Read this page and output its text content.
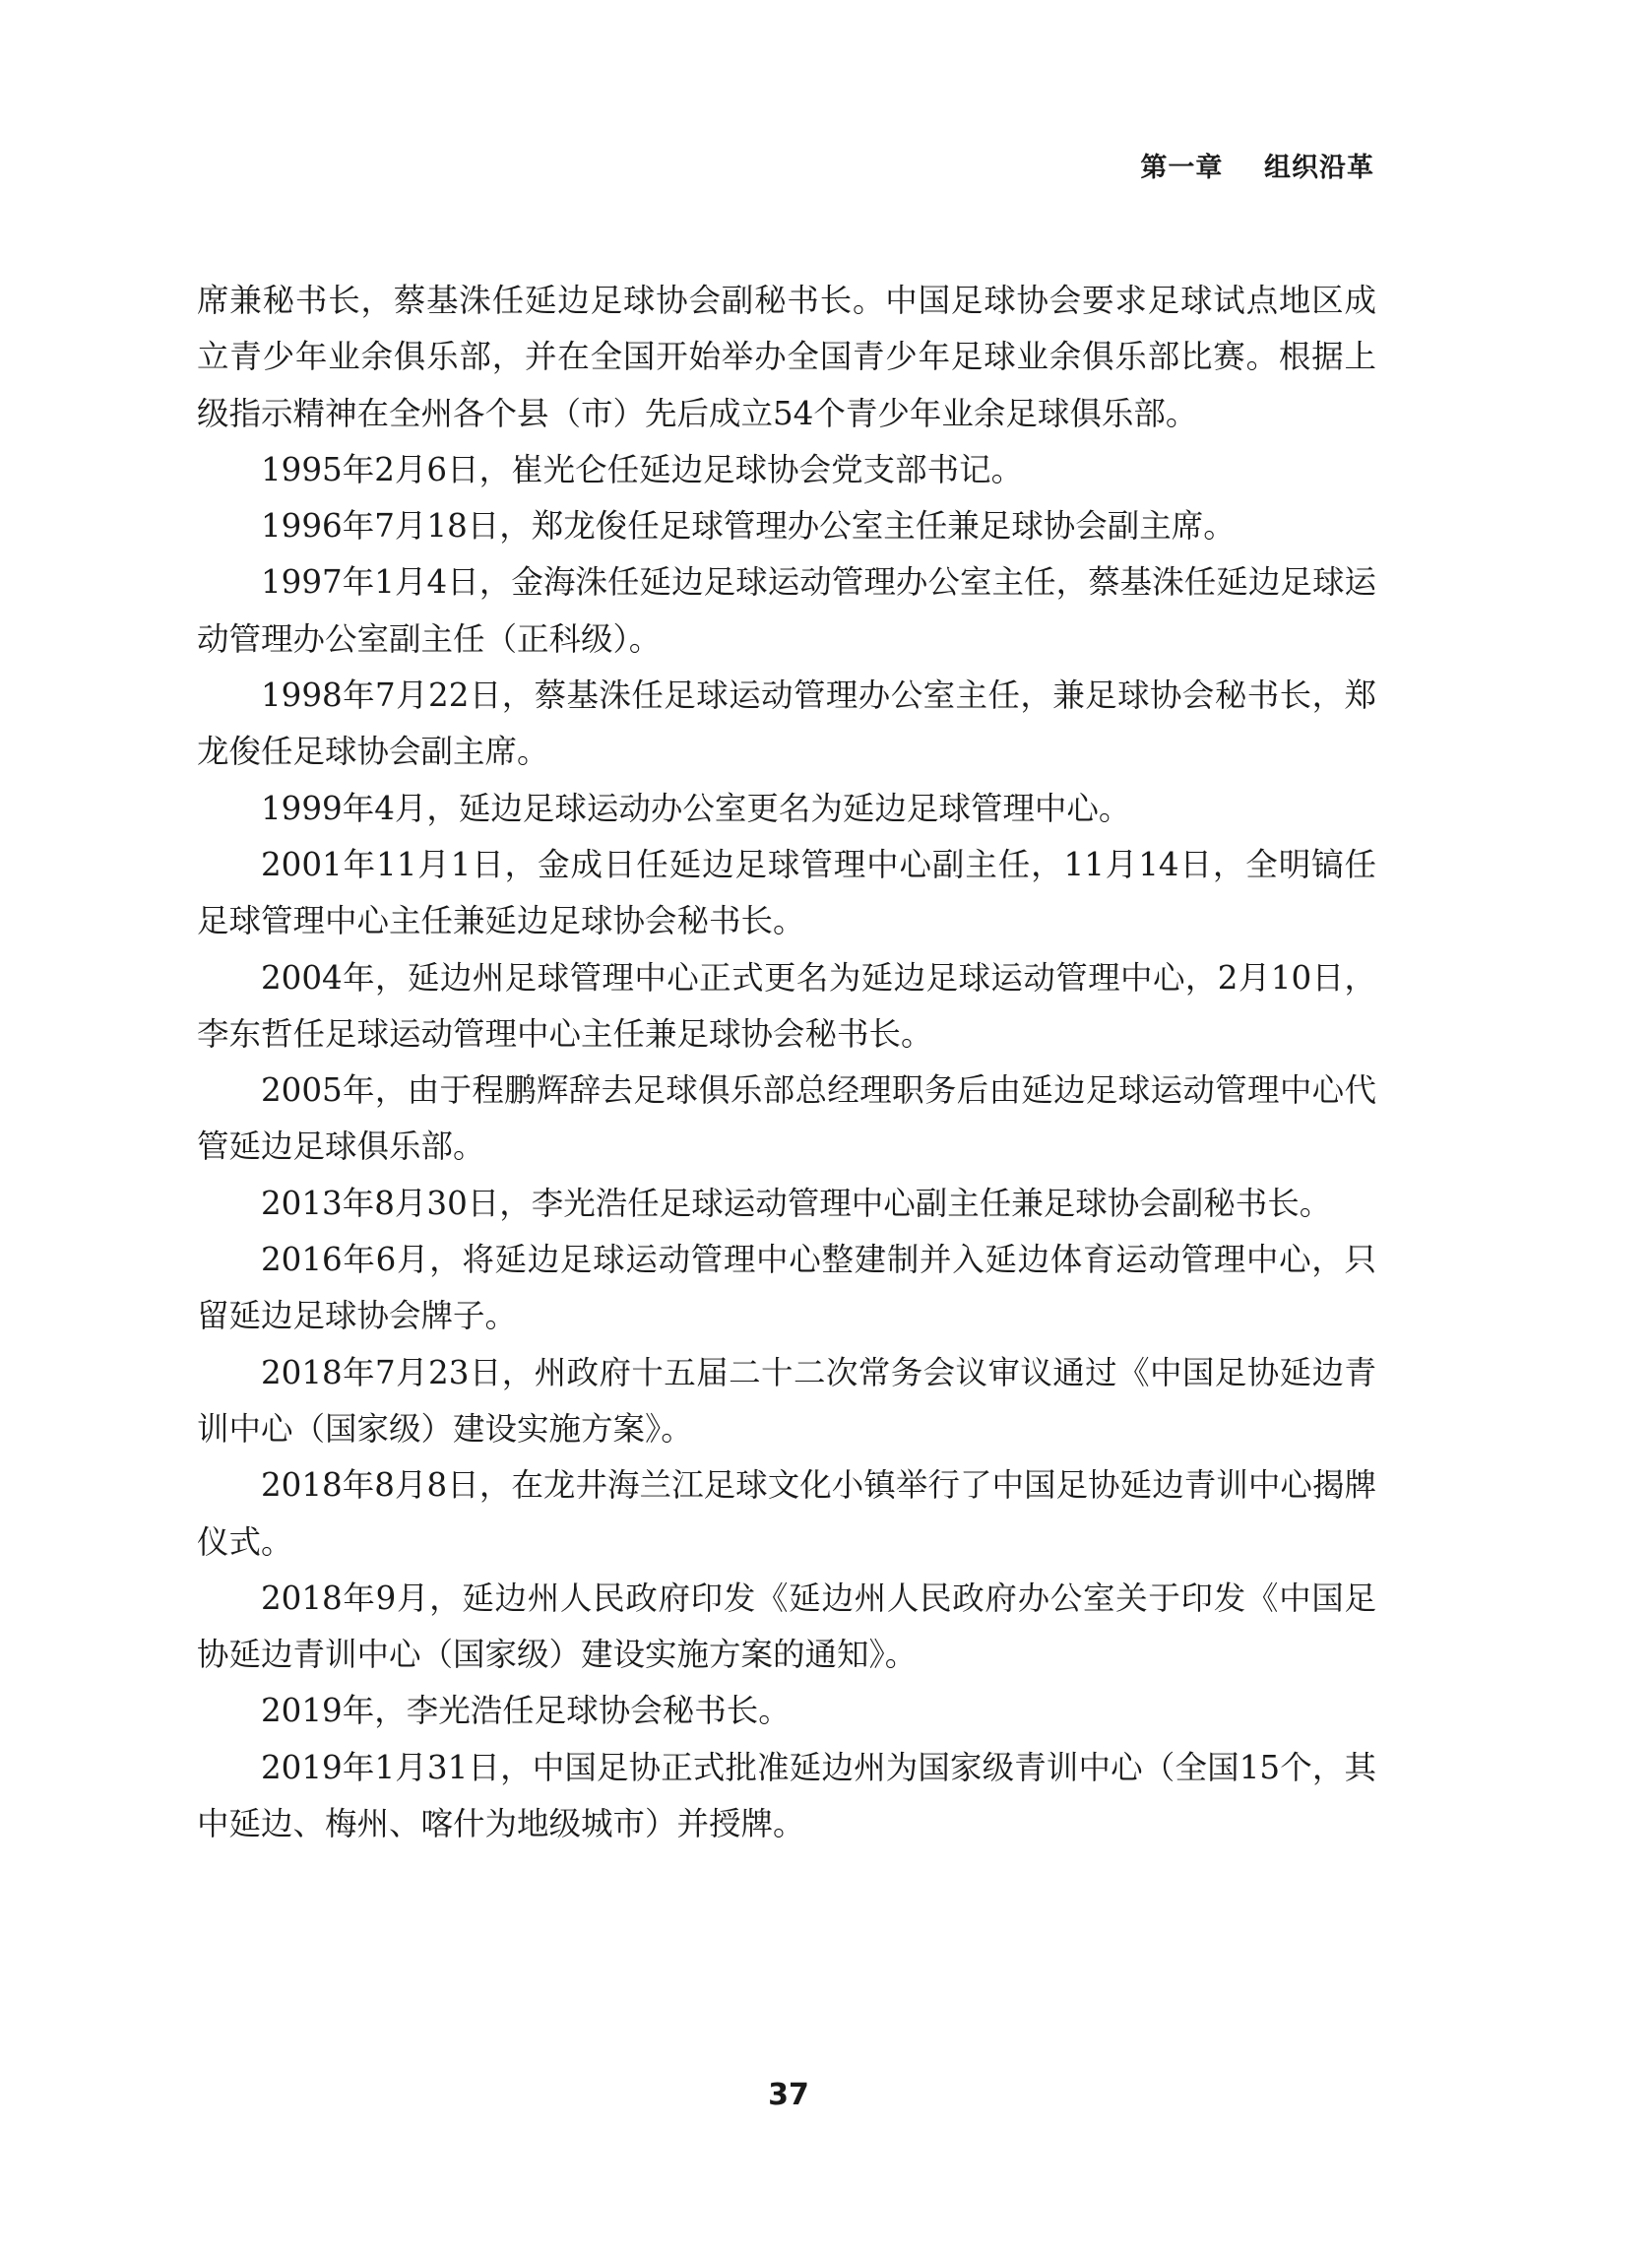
第一章    组织沿革

席兼秘书长，蔡基洙任延边足球协会副秘书长。中国足球协会要求足球试点地区成立青少年业余俱乐部，并在全国开始举办全国青少年足球业余俱乐部比赛。根据上级指示精神在全州各个县（市）先后成立54个青少年业余足球俱乐部。

1995年2月6日，崔光仑任延边足球协会党支部书记。

1996年7月18日，郑龙俊任足球管理办公室主任兼足球协会副主席。

1997年1月4日，金海洙任延边足球运动管理办公室主任，蔡基洙任延边足球运动管理办公室副主任（正科级）。

1998年7月22日，蔡基洙任足球运动管理办公室主任，兼足球协会秘书长，郑龙俊任足球协会副主席。

1999年4月，延边足球运动办公室更名为延边足球管理中心。

2001年11月1日，金成日任延边足球管理中心副主任，11月14日，全明镐任足球管理中心主任兼延边足球协会秘书长。

2004年，延边州足球管理中心正式更名为延边足球运动管理中心，2月10日，李东哲任足球运动管理中心主任兼足球协会秘书长。

2005年，由于程鹏辉辞去足球俱乐部总经理职务后由延边足球运动管理中心代管延边足球俱乐部。

2013年8月30日，李光浩任足球运动管理中心副主任兼足球协会副秘书长。

2016年6月，将延边足球运动管理中心整建制并入延边体育运动管理中心，只留延边足球协会牌子。

2018年7月23日，州政府十五届二十二次常务会议审议通过《中国足协延边青训中心（国家级）建设实施方案》。

2018年8月8日，在龙井海兰江足球文化小镇举行了中国足协延边青训中心揭牌仪式。

2018年9月，延边州人民政府印发《延边州人民政府办公室关于印发《中国足协延边青训中心（国家级）建设实施方案的通知》。

2019年，李光浩任足球协会秘书长。

2019年1月31日，中国足协正式批准延边州为国家级青训中心（全国15个，其中延边、梅州、喀什为地级城市）并授牌。

37
